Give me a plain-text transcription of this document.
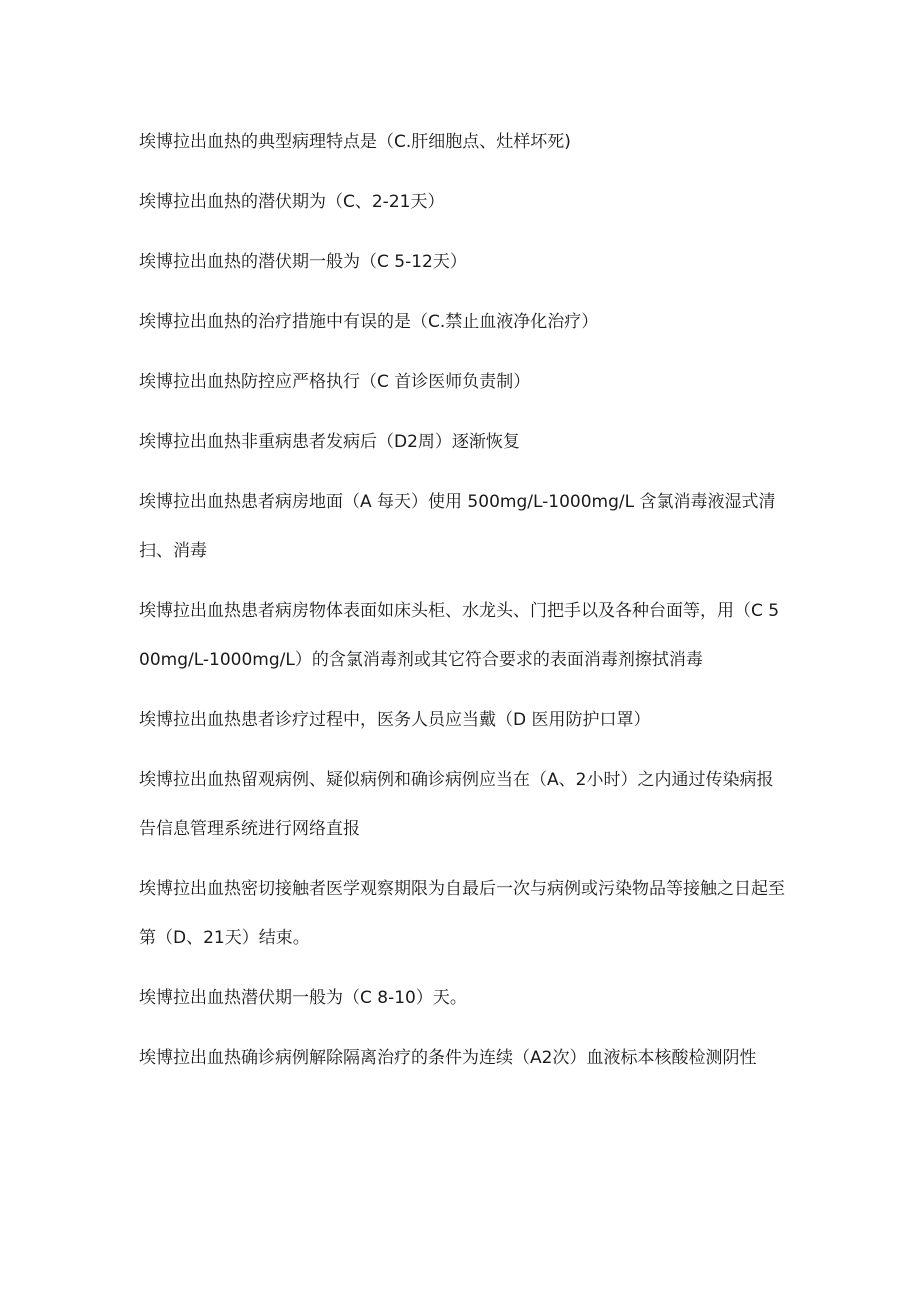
埃博拉出血热的典型病理特点是（C.肝细胞点、灶样坏死)

埃博拉出血热的潜伏期为（C、2-21天）

埃博拉出血热的潜伏期一般为（C 5-12天）

埃博拉出血热的治疗措施中有误的是（C.禁止血液净化治疗）

埃博拉出血热防控应严格执行（C 首诊医师负责制）

埃博拉出血热非重病患者发病后（D2周）逐渐恢复

埃博拉出血热患者病房地面（A 每天）使用 500mg/L-1000mg/L 含氯消毒液湿式清扫、消毒

埃博拉出血热患者病房物体表面如床头柜、水龙头、门把手以及各种台面等，用（C 500mg/L-1000mg/L）的含氯消毒剂或其它符合要求的表面消毒剂擦拭消毒

埃博拉出血热患者诊疗过程中，医务人员应当戴（D 医用防护口罩）

埃博拉出血热留观病例、疑似病例和确诊病例应当在（A、2小时）之内通过传染病报告信息管理系统进行网络直报

埃博拉出血热密切接触者医学观察期限为自最后一次与病例或污染物品等接触之日起至第（D、21天）结束。

埃博拉出血热潜伏期一般为（C 8-10）天。

埃博拉出血热确诊病例解除隔离治疗的条件为连续（A2次）血液标本核酸检测阴性
